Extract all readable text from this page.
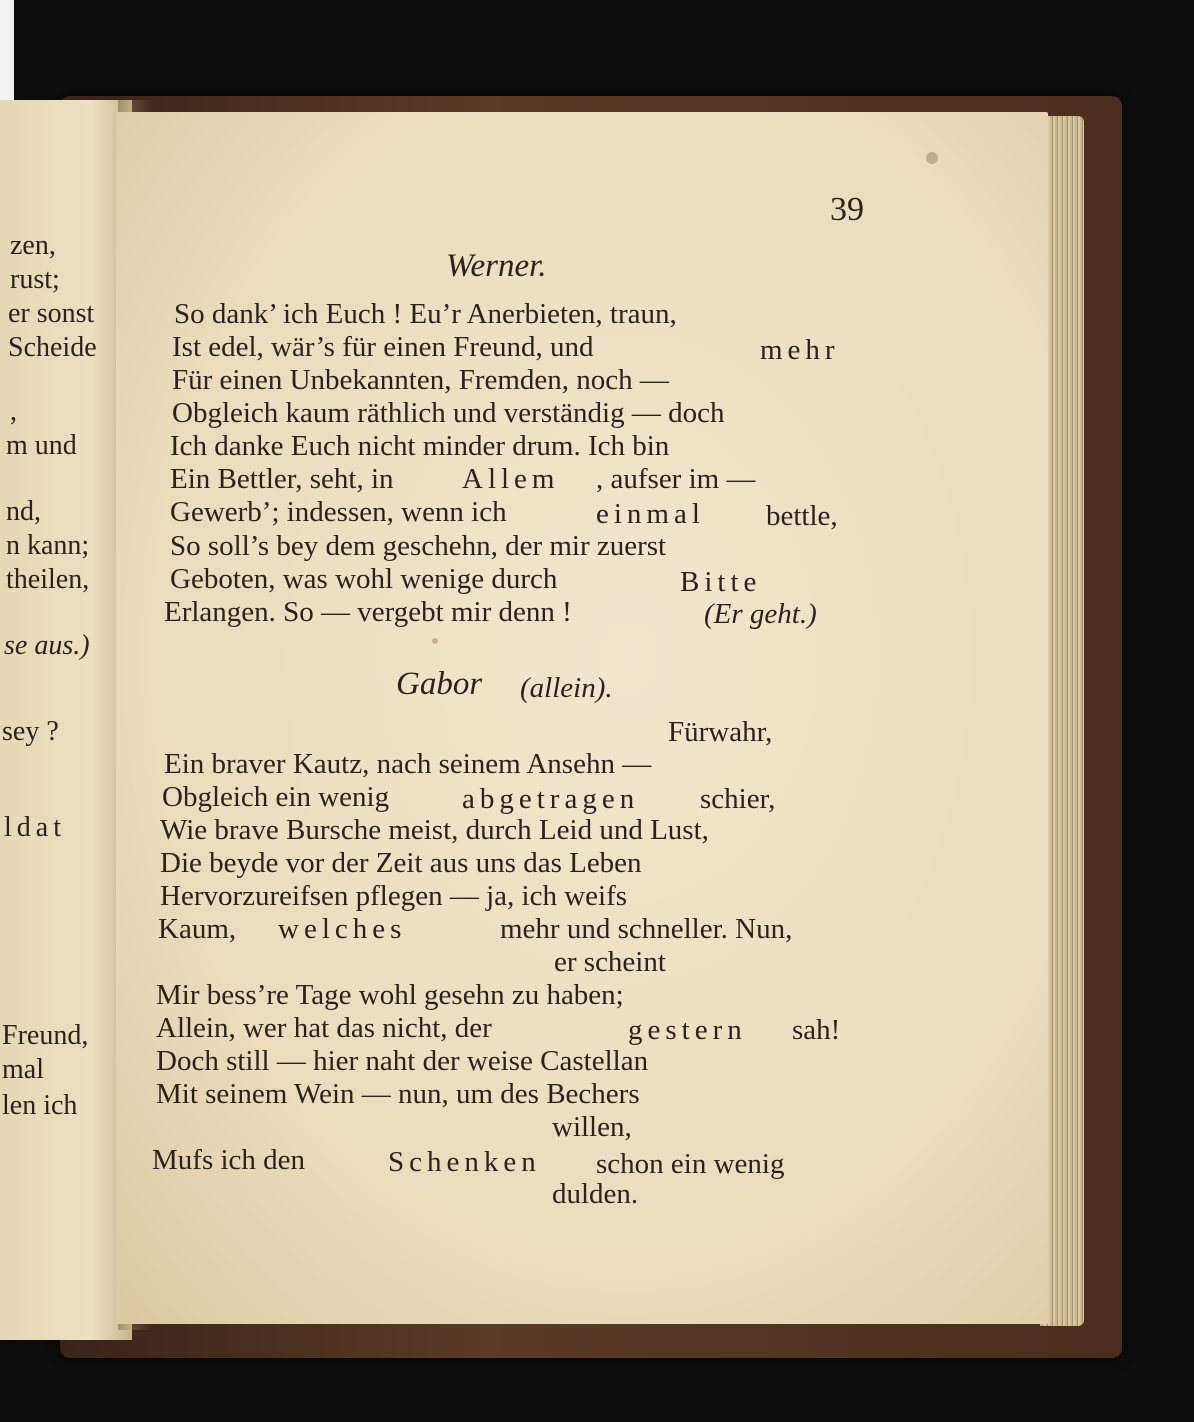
zen,
rust;
er sonst
Scheide
,
m und
nd,
n kann;
theilen,
se aus.)
sey ?
ldat
Freund,
mal
len ich
39
Werner.
So dank’ ich Euch ! Eu’r Anerbieten, traun,
Ist edel, wär’s für einen Freund, und	mehr
Für einen Unbekannten, Fremden, noch —
Obgleich kaum räthlich und verständig — doch
Ich danke Euch nicht minder drum. Ich bin
Ein Bettler, seht, in Allem , aufser im —
Gewerb’; indessen, wenn ich	einmal bettle,
So soll’s bey dem geschehn, der mir zuerst
Geboten, was wohl wenige durch	Bitte
Erlangen. So — vergebt mir denn !	(Er geht.)
Gabor (allein).
Fürwahr,
Ein braver Kautz, nach seinem Ansehn —
Obgleich ein wenig	abgetragen schier,
Wie brave Bursche meist, durch Leid und Lust,
Die beyde vor der Zeit aus uns das Leben
Hervorzureifsen pflegen — ja, ich weifs
Kaum, welches	mehr und schneller. Nun,
er scheint
Mir bess’re Tage wohl gesehn zu haben;
Allein, wer hat das nicht, der	gestern sah!
Doch still — hier naht der weise Castellan
Mit seinem Wein — nun, um des Bechers
willen,
Mufs ich den	Schenken schon ein wenig
dulden.
